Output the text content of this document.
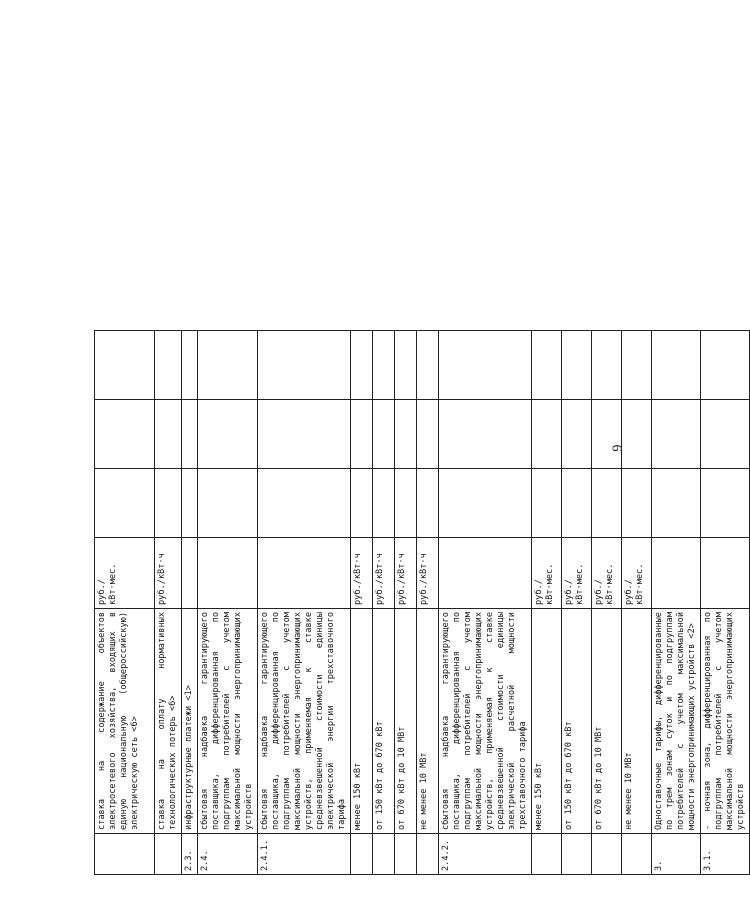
6
	ставка на содержание объектов электросетевого хозяйства, входящих в единую национальную (общероссийскую) электрическую сеть <6>	руб./ кВт·мес.			
	ставка на оплату нормативных технологических потерь <6>	руб./кВт·ч			
2.3.	инфраструктурные платежи <1>				
2.4.	сбытовая надбавка гарантирующего поставщика, дифференцированная по подгруппам потребителей с учетом максимальной мощности энергопринимающих устройств				
2.4.1.	сбытовая надбавка гарантирующего поставщика, дифференцированная по подгруппам потребителей с учетом максимальной мощности энергопринимающих устройств, применяемая к ставке средневзвешенной стоимости единицы электрической энергии трехставочного тарифа				
	менее 150 кВт	руб./кВт·ч			
	от 150 кВт до 670 кВт	руб./кВт·ч			
	от 670 кВт до 10 МВт	руб./кВт·ч			
	не менее 10 МВт	руб./кВт·ч			
2.4.2.	сбытовая надбавка гарантирующего поставщика, дифференцированная по подгруппам потребителей с учетом максимальной мощности энергопринимающих устройств, применяемая к ставке средневзвешенной стоимости единицы электрической расчетной мощности трехставочного тарифа				
	менее 150 кВт	руб./ кВт·мес.			
	от 150 кВт до 670 кВт	руб./ кВт·мес.			
	от 670 кВт до 10 МВт	руб./ кВт·мес.			
	не менее 10 МВт	руб./ кВт·мес.			
3.	Одноставочные тарифы, дифференцированные по трем зонам суток и по подгруппам потребителей с учетом максимальной мощности энергопринимающих устройств <2>				
3.1.	- ночная зона, дифференцированная по подгруппам потребителей с учетом максимальной мощности энергопринимающих устройств				
